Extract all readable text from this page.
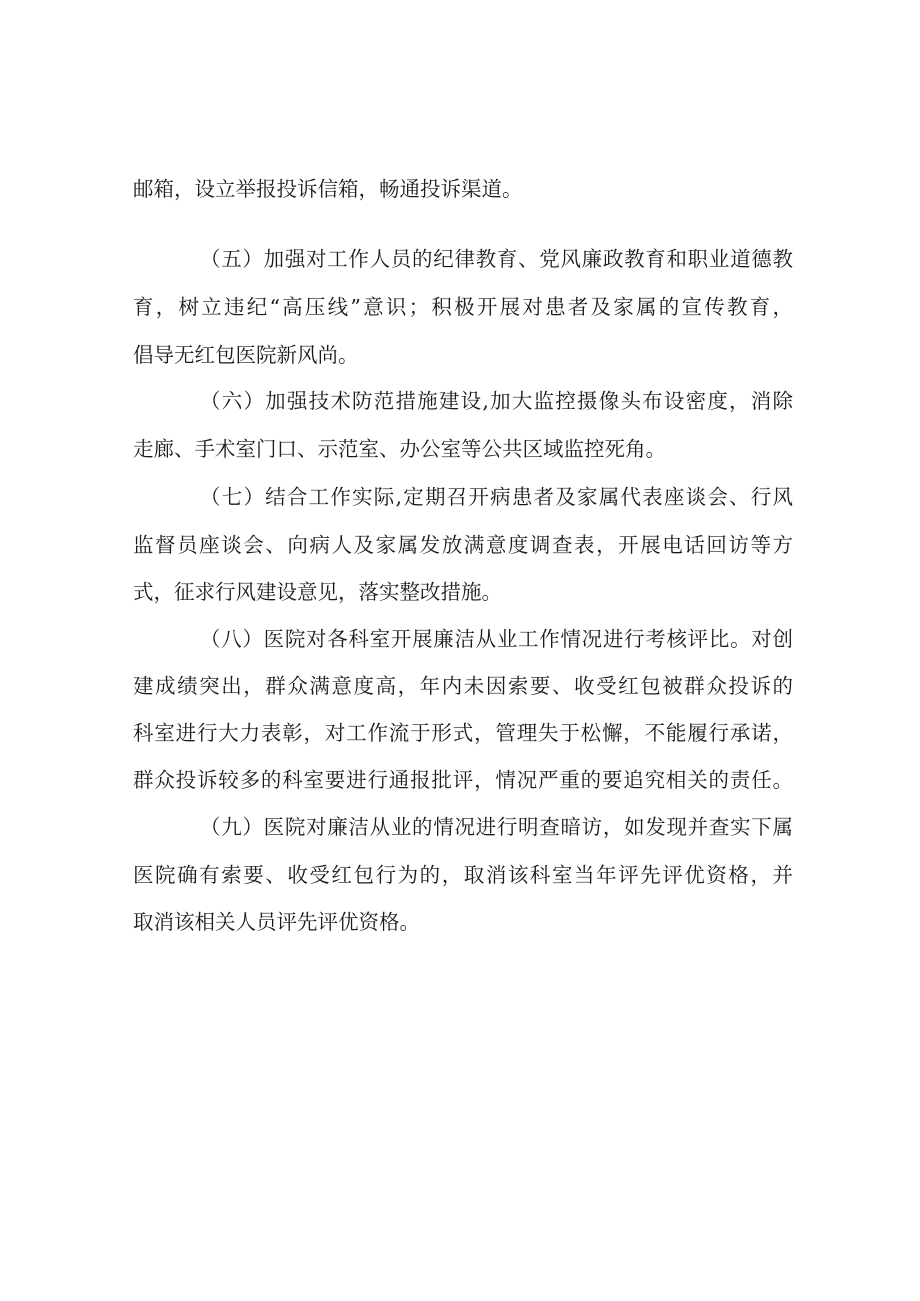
邮箱，设立举报投诉信箱，畅通投诉渠道。
（五）加强对工作人员的纪律教育、党风廉政教育和职业道德教
育，树立违纪“高压线”意识；积极开展对患者及家属的宣传教育，
倡导无红包医院新风尚。
（六）加强技术防范措施建设,加大监控摄像头布设密度，消除
走廊、手术室门口、示范室、办公室等公共区域监控死角。
（七）结合工作实际,定期召开病患者及家属代表座谈会、行风
监督员座谈会、向病人及家属发放满意度调查表，开展电话回访等方
式，征求行风建设意见，落实整改措施。
（八）医院对各科室开展廉洁从业工作情况进行考核评比。对创
建成绩突出，群众满意度高，年内未因索要、收受红包被群众投诉的
科室进行大力表彰，对工作流于形式，管理失于松懈，不能履行承诺，
群众投诉较多的科室要进行通报批评，情况严重的要追究相关的责任。
（九）医院对廉洁从业的情况进行明查暗访，如发现并查实下属
医院确有索要、收受红包行为的，取消该科室当年评先评优资格，并
取消该相关人员评先评优资格。
